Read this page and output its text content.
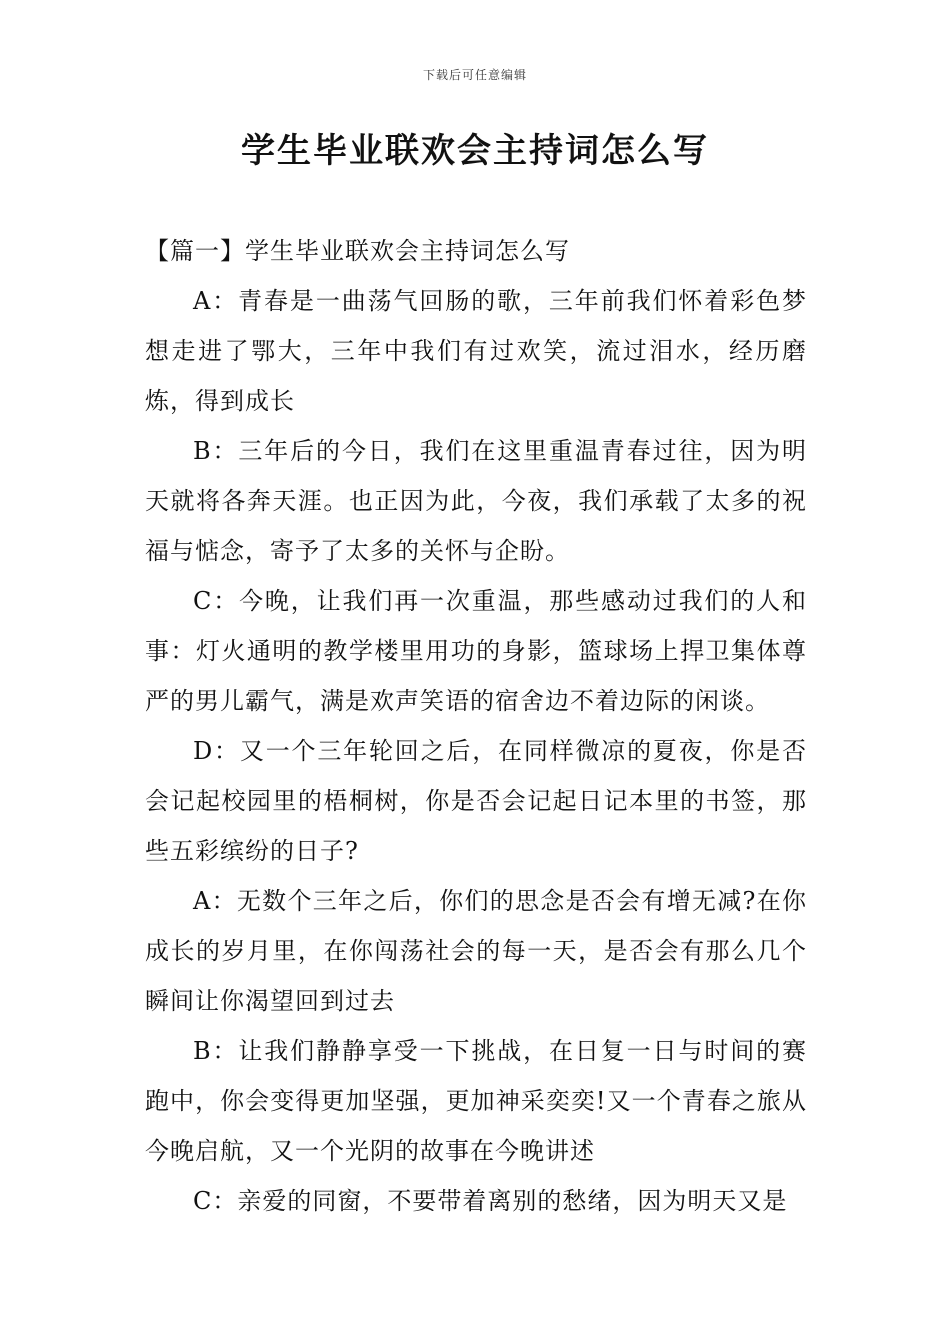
下载后可任意编辑
学生毕业联欢会主持词怎么写

【篇一】学生毕业联欢会主持词怎么写

A：青春是一曲荡气回肠的歌，三年前我们怀着彩色梦想走进了鄂大，三年中我们有过欢笑，流过泪水，经历磨炼，得到成长

B：三年后的今日，我们在这里重温青春过往，因为明天就将各奔天涯。也正因为此，今夜，我们承载了太多的祝福与惦念，寄予了太多的关怀与企盼。

C：今晚，让我们再一次重温，那些感动过我们的人和事：灯火通明的教学楼里用功的身影，篮球场上捍卫集体尊严的男儿霸气，满是欢声笑语的宿舍边不着边际的闲谈。

D：又一个三年轮回之后，在同样微凉的夏夜，你是否会记起校园里的梧桐树，你是否会记起日记本里的书签，那些五彩缤纷的日子?

A：无数个三年之后，你们的思念是否会有增无减?在你成长的岁月里，在你闯荡社会的每一天，是否会有那么几个瞬间让你渴望回到过去

B：让我们静静享受一下挑战，在日复一日与时间的赛跑中，你会变得更加坚强，更加神采奕奕!又一个青春之旅从今晚启航，又一个光阴的故事在今晚讲述

C：亲爱的同窗，不要带着离别的愁绪，因为明天又是
